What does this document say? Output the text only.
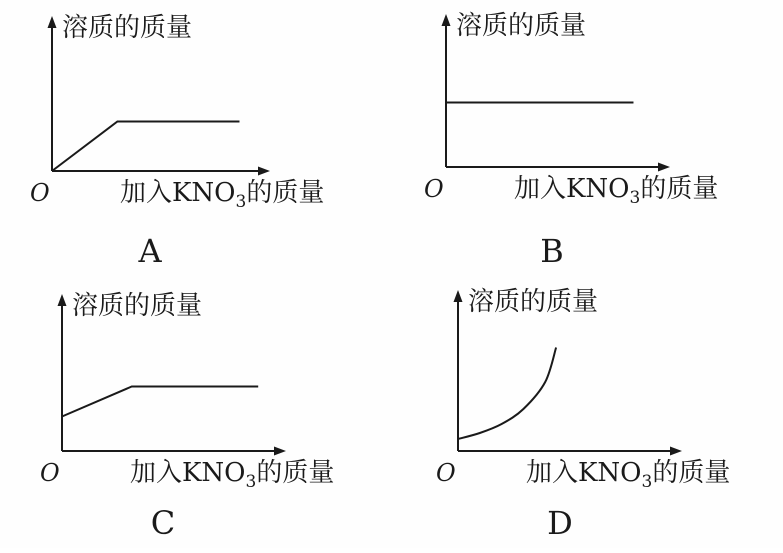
溶质的质量
O	加入$KNO_3$的质量
A
溶质的质量
O	加入$KNO_3$的质量
B
溶质的质量
O	加入$KNO_3$的质量
C
溶质的质量
O	加入$KNO_3$的质量
D
